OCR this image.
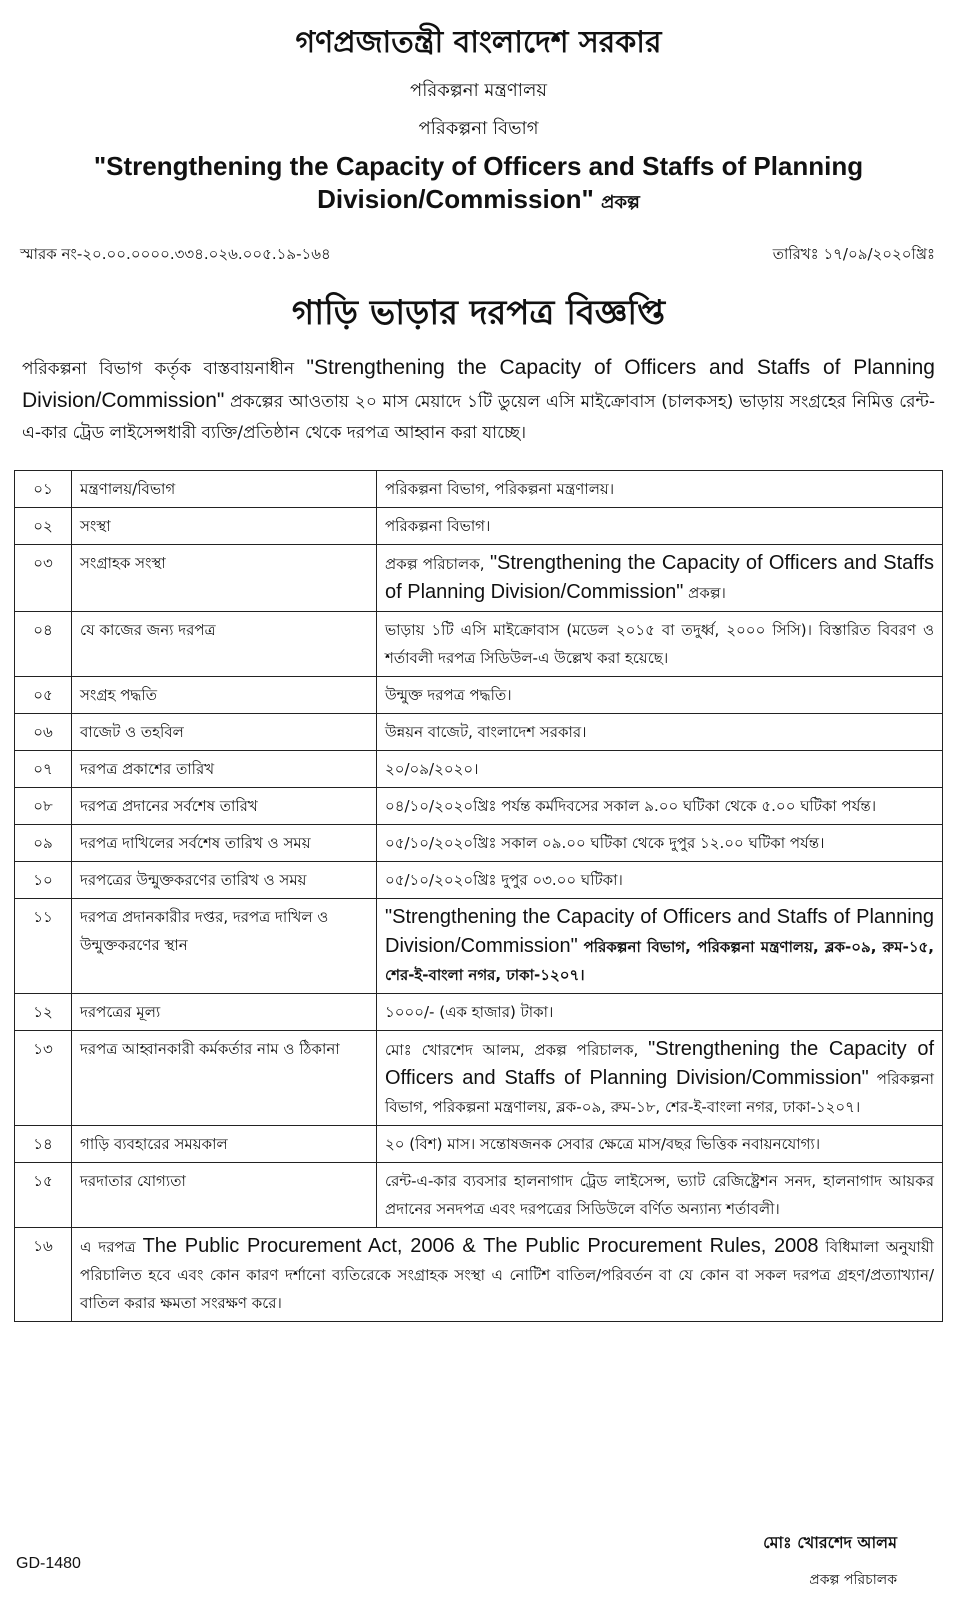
গণপ্রজাতন্ত্রী বাংলাদেশ সরকার
পরিকল্পনা মন্ত্রণালয়
পরিকল্পনা বিভাগ
"Strengthening the Capacity of Officers and Staffs of Planning Division/Commission" প্রকল্প
স্মারক নং-২০.০০.০০০০.৩৩৪.০২৬.০০৫.১৯-১৬৪	তারিখঃ ১৭/০৯/২০২০খ্রিঃ
গাড়ি ভাড়ার দরপত্র বিজ্ঞপ্তি
পরিকল্পনা বিভাগ কর্তৃক বাস্তবায়নাধীন "Strengthening the Capacity of Officers and Staffs of Planning Division/Commission" প্রকল্পের আওতায় ২০ মাস মেয়াদে ১টি ডুয়েল এসি মাইক্রোবাস (চালকসহ) ভাড়ায় সংগ্রহের নিমিত্ত রেন্ট-এ-কার ট্রেড লাইসেন্সধারী ব্যক্তি/প্রতিষ্ঠান থেকে দরপত্র আহ্বান করা যাচ্ছে।
০১	মন্ত্রণালয়/বিভাগ	পরিকল্পনা বিভাগ, পরিকল্পনা মন্ত্রণালয়।
০২	সংস্থা	পরিকল্পনা বিভাগ।
০৩	সংগ্রাহক সংস্থা	প্রকল্প পরিচালক, "Strengthening the Capacity of Officers and Staffs of Planning Division/Commission" প্রকল্প।
০৪	যে কাজের জন্য দরপত্র	ভাড়ায় ১টি এসি মাইক্রোবাস (মডেল ২০১৫ বা তদুর্ধ্ব, ২০০০ সিসি)। বিস্তারিত বিবরণ ও শর্তাবলী দরপত্র সিডিউল-এ উল্লেখ করা হয়েছে।
০৫	সংগ্রহ পদ্ধতি	উন্মুক্ত দরপত্র পদ্ধতি।
০৬	বাজেট ও তহবিল	উন্নয়ন বাজেট, বাংলাদেশ সরকার।
০৭	দরপত্র প্রকাশের তারিখ	২০/০৯/২০২০।
০৮	দরপত্র প্রদানের সর্বশেষ তারিখ	০৪/১০/২০২০খ্রিঃ পর্যন্ত কর্মদিবসের সকাল ৯.০০ ঘটিকা থেকে ৫.০০ ঘটিকা পর্যন্ত।
০৯	দরপত্র দাখিলের সর্বশেষ তারিখ ও সময়	০৫/১০/২০২০খ্রিঃ সকাল ০৯.০০ ঘটিকা থেকে দুপুর ১২.০০ ঘটিকা পর্যন্ত।
১০	দরপত্রের উন্মুক্তকরণের তারিখ ও সময়	০৫/১০/২০২০খ্রিঃ দুপুর ০৩.০০ ঘটিকা।
১১	দরপত্র প্রদানকারীর দপ্তর, দরপত্র দাখিল ও উন্মুক্তকরণের স্থান	"Strengthening the Capacity of Officers and Staffs of Planning Division/Commission" পরিকল্পনা বিভাগ, পরিকল্পনা মন্ত্রণালয়, ব্লক-০৯, রুম-১৫, শের-ই-বাংলা নগর, ঢাকা-১২০৭।
১২	দরপত্রের মূল্য	১০০০/- (এক হাজার) টাকা।
১৩	দরপত্র আহ্বানকারী কর্মকর্তার নাম ও ঠিকানা	মোঃ খোরশেদ আলম, প্রকল্প পরিচালক, "Strengthening the Capacity of Officers and Staffs of Planning Division/Commission" পরিকল্পনা বিভাগ, পরিকল্পনা মন্ত্রণালয়, ব্লক-০৯, রুম-১৮, শের-ই-বাংলা নগর, ঢাকা-১২০৭।
১৪	গাড়ি ব্যবহারের সময়কাল	২০ (বিশ) মাস। সন্তোষজনক সেবার ক্ষেত্রে মাস/বছর ভিত্তিক নবায়নযোগ্য।
১৫	দরদাতার যোগ্যতা	রেন্ট-এ-কার ব্যবসার হালনাগাদ ট্রেড লাইসেন্স, ভ্যাট রেজিষ্ট্রেশন সনদ, হালনাগাদ আয়কর প্রদানের সনদপত্র এবং দরপত্রের সিডিউলে বর্ণিত অন্যান্য শর্তাবলী।
১৬	এ দরপত্র The Public Procurement Act, 2006 & The Public Procurement Rules, 2008 বিধিমালা অনুযায়ী পরিচালিত হবে এবং কোন কারণ দর্শানো ব্যতিরেকে সংগ্রাহক সংস্থা এ নোটিশ বাতিল/পরিবর্তন বা যে কোন বা সকল দরপত্র গ্রহণ/প্রত্যাখ্যান/বাতিল করার ক্ষমতা সংরক্ষণ করে।	
মোঃ খোরশেদ আলম
প্রকল্প পরিচালক
GD-1480
